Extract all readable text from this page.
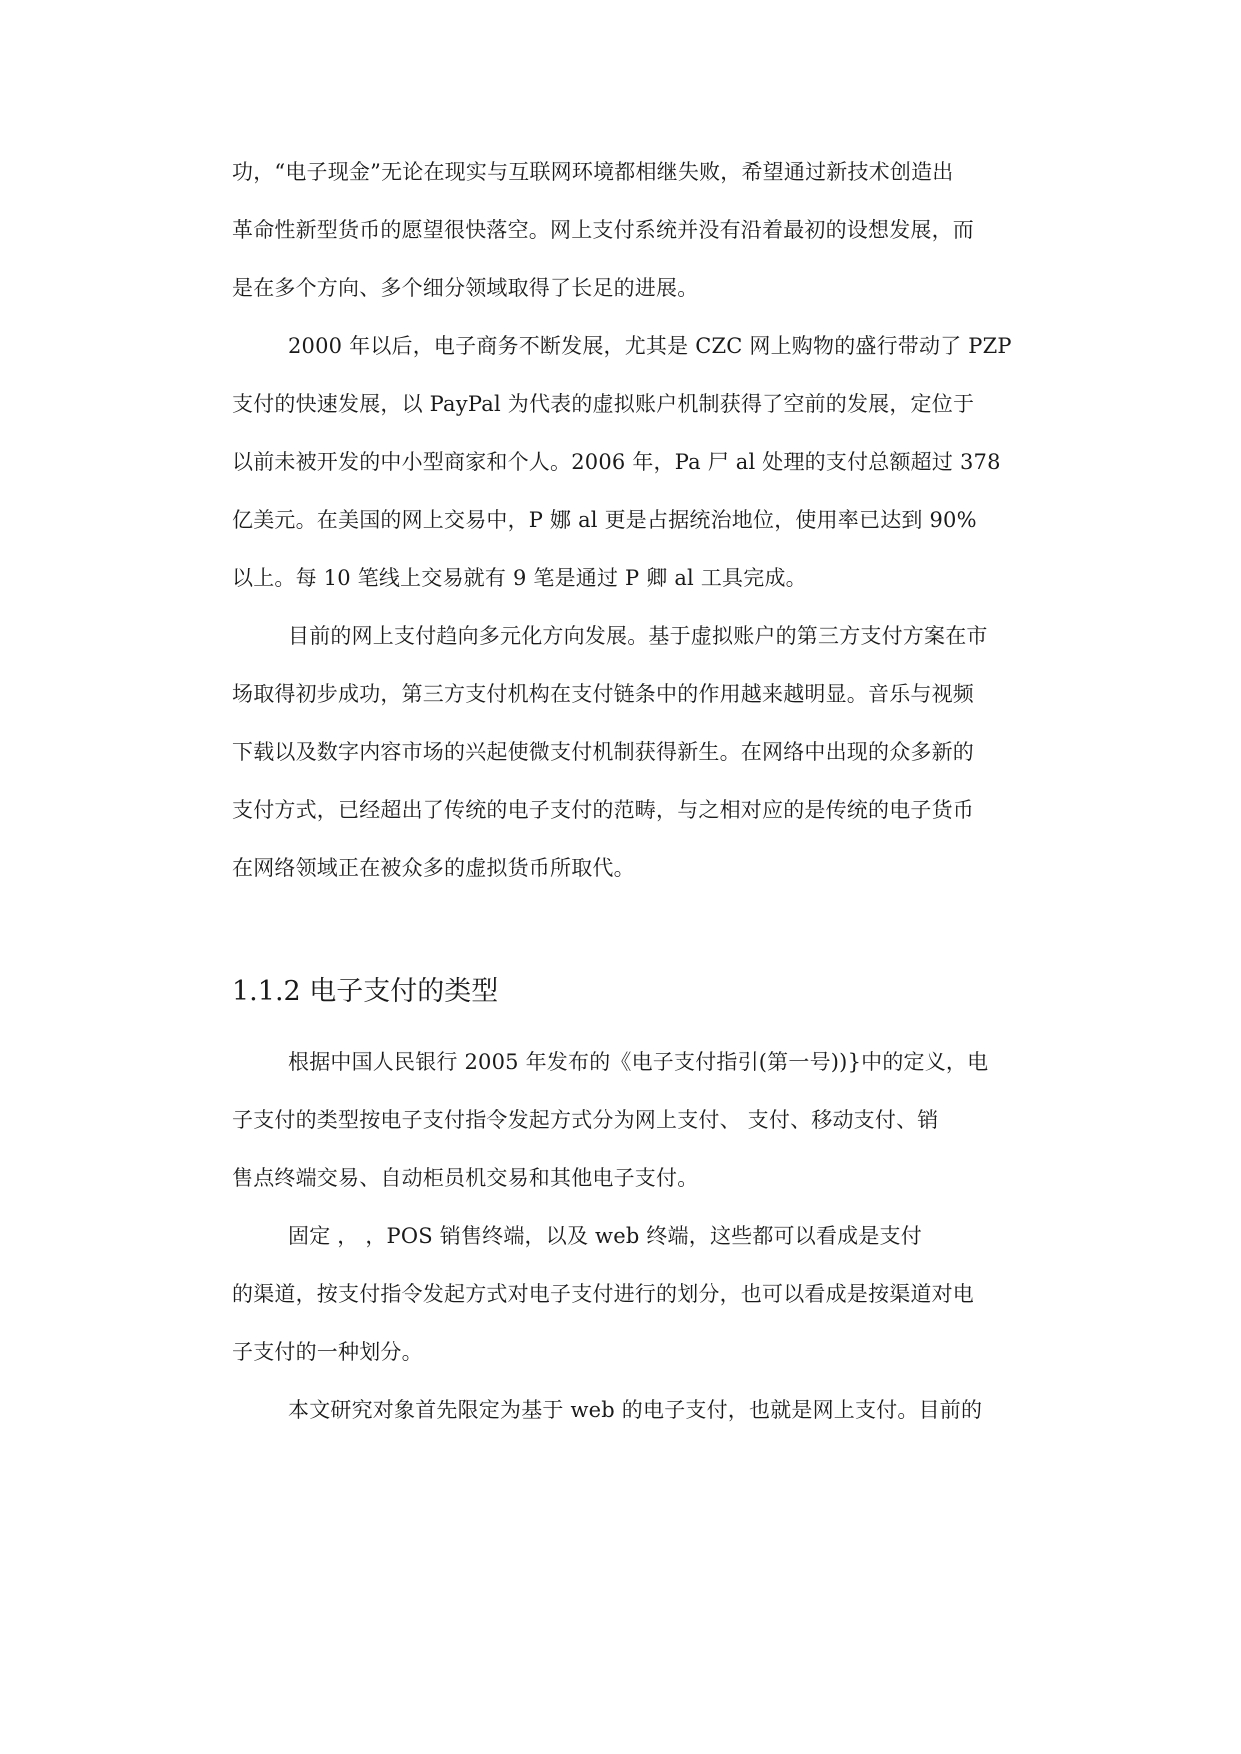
功，“电子现金”无论在现实与互联网环境都相继失败，希望通过新技术创造出
革命性新型货币的愿望很快落空。网上支付系统并没有沿着最初的设想发展，而
是在多个方向、多个细分领域取得了长足的进展。
2000 年以后，电子商务不断发展，尤其是 CZC 网上购物的盛行带动了 PZP
支付的快速发展，以 PayPal 为代表的虚拟账户机制获得了空前的发展，定位于
以前未被开发的中小型商家和个人。2006 年，Pa 尸 al 处理的支付总额超过 378
亿美元。在美国的网上交易中，P 娜 al 更是占据统治地位，使用率已达到 90%
以上。每 10 笔线上交易就有 9 笔是通过 P 卿 al 工具完成。
目前的网上支付趋向多元化方向发展。基于虚拟账户的第三方支付方案在市
场取得初步成功，第三方支付机构在支付链条中的作用越来越明显。音乐与视频
下载以及数字内容市场的兴起使微支付机制获得新生。在网络中出现的众多新的
支付方式，已经超出了传统的电子支付的范畴，与之相对应的是传统的电子货币
在网络领域正在被众多的虚拟货币所取代。
1.1.2 电子支付的类型
根据中国人民银行 2005 年发布的《电子支付指引(第一号))}中的定义，电
子支付的类型按电子支付指令发起方式分为网上支付、 支付、移动支付、销
售点终端交易、自动柜员机交易和其他电子支付。
固定 ， ，POS 销售终端，以及 web 终端，这些都可以看成是支付
的渠道，按支付指令发起方式对电子支付进行的划分，也可以看成是按渠道对电
子支付的一种划分。
本文研究对象首先限定为基于 web 的电子支付，也就是网上支付。目前的
